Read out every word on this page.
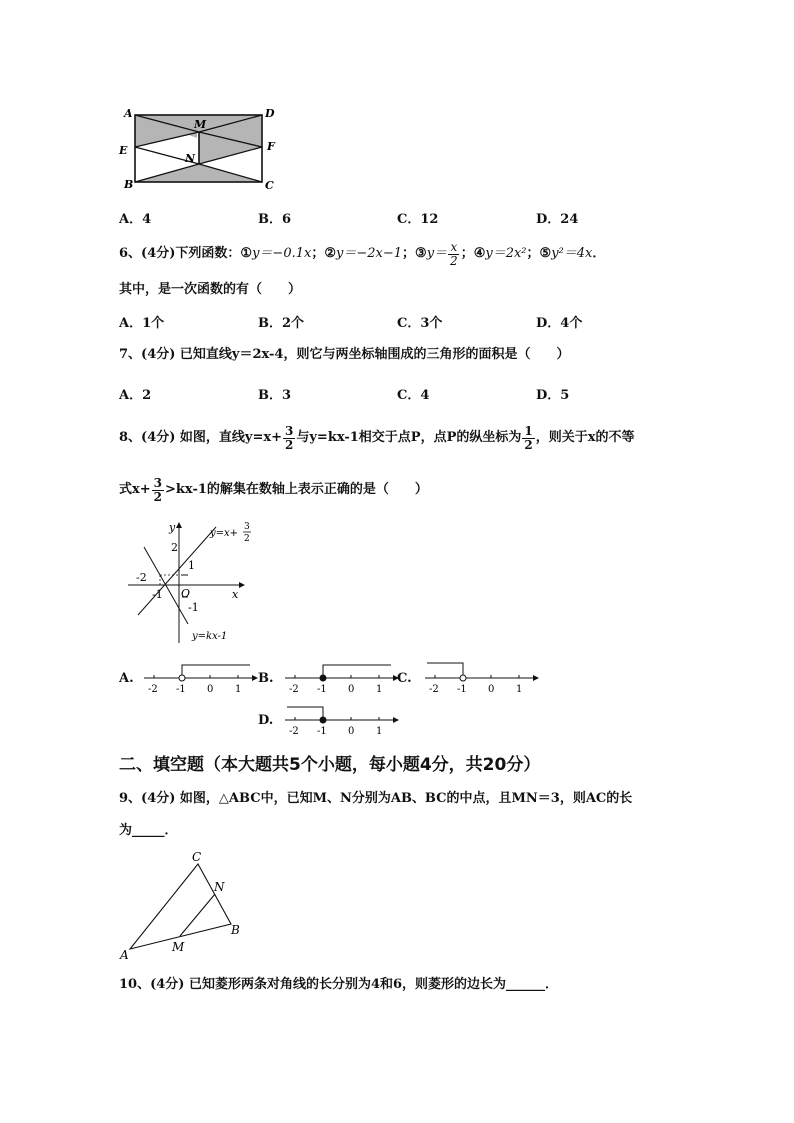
A	D
M
E	F
N
B	C
A．4	B．6	C．12	D．24
6、(4分) 下列函数： ① y＝−0.1x ； ② y＝−2x−1 ； ③ $y= \frac{x}{2}$ ； ④ y＝2x² ； ⑤ y²＝4x ．
其中，是一次函数的有（　　）
A．1个	B．2个	C．3个	D．4个
7、(4分) 已知直线y＝2x-4，则它与两坐标轴围成的三角形的面积是（　　）
A．2	B．3	C．4	D．5
8、(4分) 如图，直线$y=x+ \frac{3}{2}$ 与y=kx-1相交于点P，点P的纵坐标为 $\frac{1}{2}$ ，则关于x的不等
式$x+ \frac{3}{2} >kx-1$的解集在数轴上表示正确的是（　　）
y
x
O
2
1
-2
-1
-1
y=x+
3
2
y=kx-1
A.
-2 -1 0 1
B.
-2 -1 0 1
C.
-2 -1 0 1
D.
-2 -1 0 1
二、填空题（本大题共5个小题，每小题4分，共20分）
9、(4分) 如图，△ABC中，已知M、N分别为AB、BC的中点，且MN＝3，则AC的长
为_____．
C
N
B
M
A
10、(4分) 已知菱形两条对角线的长分别为4和6，则菱形的边长为______．
